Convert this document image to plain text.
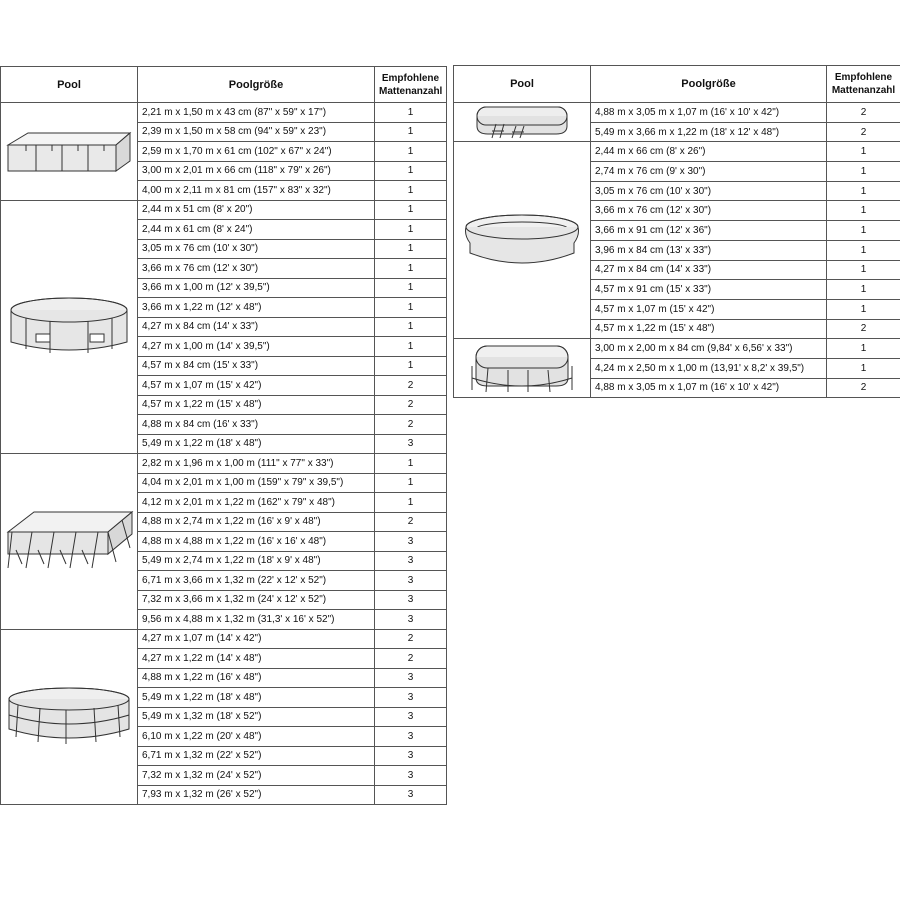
Pool	Poolgröße	Empfohlene
Mattenanzahl

	2,21 m x 1,50 m x 43 cm (87" x 59" x 17")	1
	2,39 m x 1,50 m x 58 cm (94" x 59" x 23")	1
	2,59 m x 1,70 m x 61 cm (102" x 67" x 24")	1
	3,00 m x 2,01 m x 66 cm (118" x 79" x 26")	1
	4,00 m x 2,11 m x 81 cm (157" x 83" x 32")	1

	2,44 m x 51 cm (8' x 20")	1
	2,44 m x 61 cm (8' x 24")	1
	3,05 m x 76 cm (10' x 30")	1
	3,66 m x 76 cm (12' x 30")	1
	3,66 m x 1,00 m (12' x 39,5")	1
	3,66 m x 1,22 m (12' x 48")	1
	4,27 m x 84 cm (14' x 33")	1
	4,27 m x 1,00 m (14' x 39,5")	1
	4,57 m x 84 cm (15' x 33")	1
	4,57 m x 1,07 m (15' x 42")	2
	4,57 m x 1,22 m (15' x 48")	2
	4,88 m x 84 cm (16' x 33")	2
	5,49 m x 1,22 m (18' x 48")	3

	2,82 m x 1,96 m x 1,00 m (111" x 77" x 33")	1
	4,04 m x 2,01 m x 1,00 m (159" x 79" x 39,5")	1
	4,12 m x 2,01 m x 1,22 m (162" x 79" x 48")	1
	4,88 m x 2,74 m x 1,22 m (16' x 9' x 48")	2
	4,88 m x 4,88 m x 1,22 m (16' x 16' x 48")	3
	5,49 m x 2,74 m x 1,22 m (18' x 9' x 48")	3
	6,71 m x 3,66 m x 1,32 m (22' x 12' x 52")	3
	7,32 m x 3,66 m x 1,32 m (24' x 12' x 52")	3
	9,56 m x 4,88 m x 1,32 m (31,3' x 16' x 52")	3

	4,27 m x 1,07 m (14' x 42")	2
	4,27 m x 1,22 m (14' x 48")	2
	4,88 m x 1,22 m (16' x 48")	3
	5,49 m x 1,22 m (18' x 48")	3
	5,49 m x 1,32 m (18' x 52")	3
	6,10 m x 1,22 m (20' x 48")	3
	6,71 m x 1,32 m (22' x 52")	3
	7,32 m x 1,32 m (24' x 52")	3
	7,93 m x 1,32 m (26' x 52")	3
Pool	Poolgröße	Empfohlene
Mattenanzahl

	4,88 m x 3,05 m x 1,07 m (16' x 10' x 42")	2
	5,49 m x 3,66 m x 1,22 m (18' x 12' x 48")	2

	2,44 m x 66 cm (8' x 26")	1
	2,74 m x 76 cm (9' x 30")	1
	3,05 m x 76 cm (10' x 30")	1
	3,66 m x 76 cm (12' x 30")	1
	3,66 m x 91 cm (12' x 36")	1
	3,96 m x 84 cm (13' x 33")	1
	4,27 m x 84 cm (14' x 33")	1
	4,57 m x 91 cm (15' x 33")	1
	4,57 m x 1,07 m (15' x 42")	1
	4,57 m x 1,22 m (15' x 48")	2

	3,00 m x 2,00 m x 84 cm (9,84' x 6,56' x 33")	1
	4,24 m x 2,50 m x 1,00 m (13,91' x 8,2' x 39,5")	1
	4,88 m x 3,05 m x 1,07 m (16' x 10' x 42")	2
